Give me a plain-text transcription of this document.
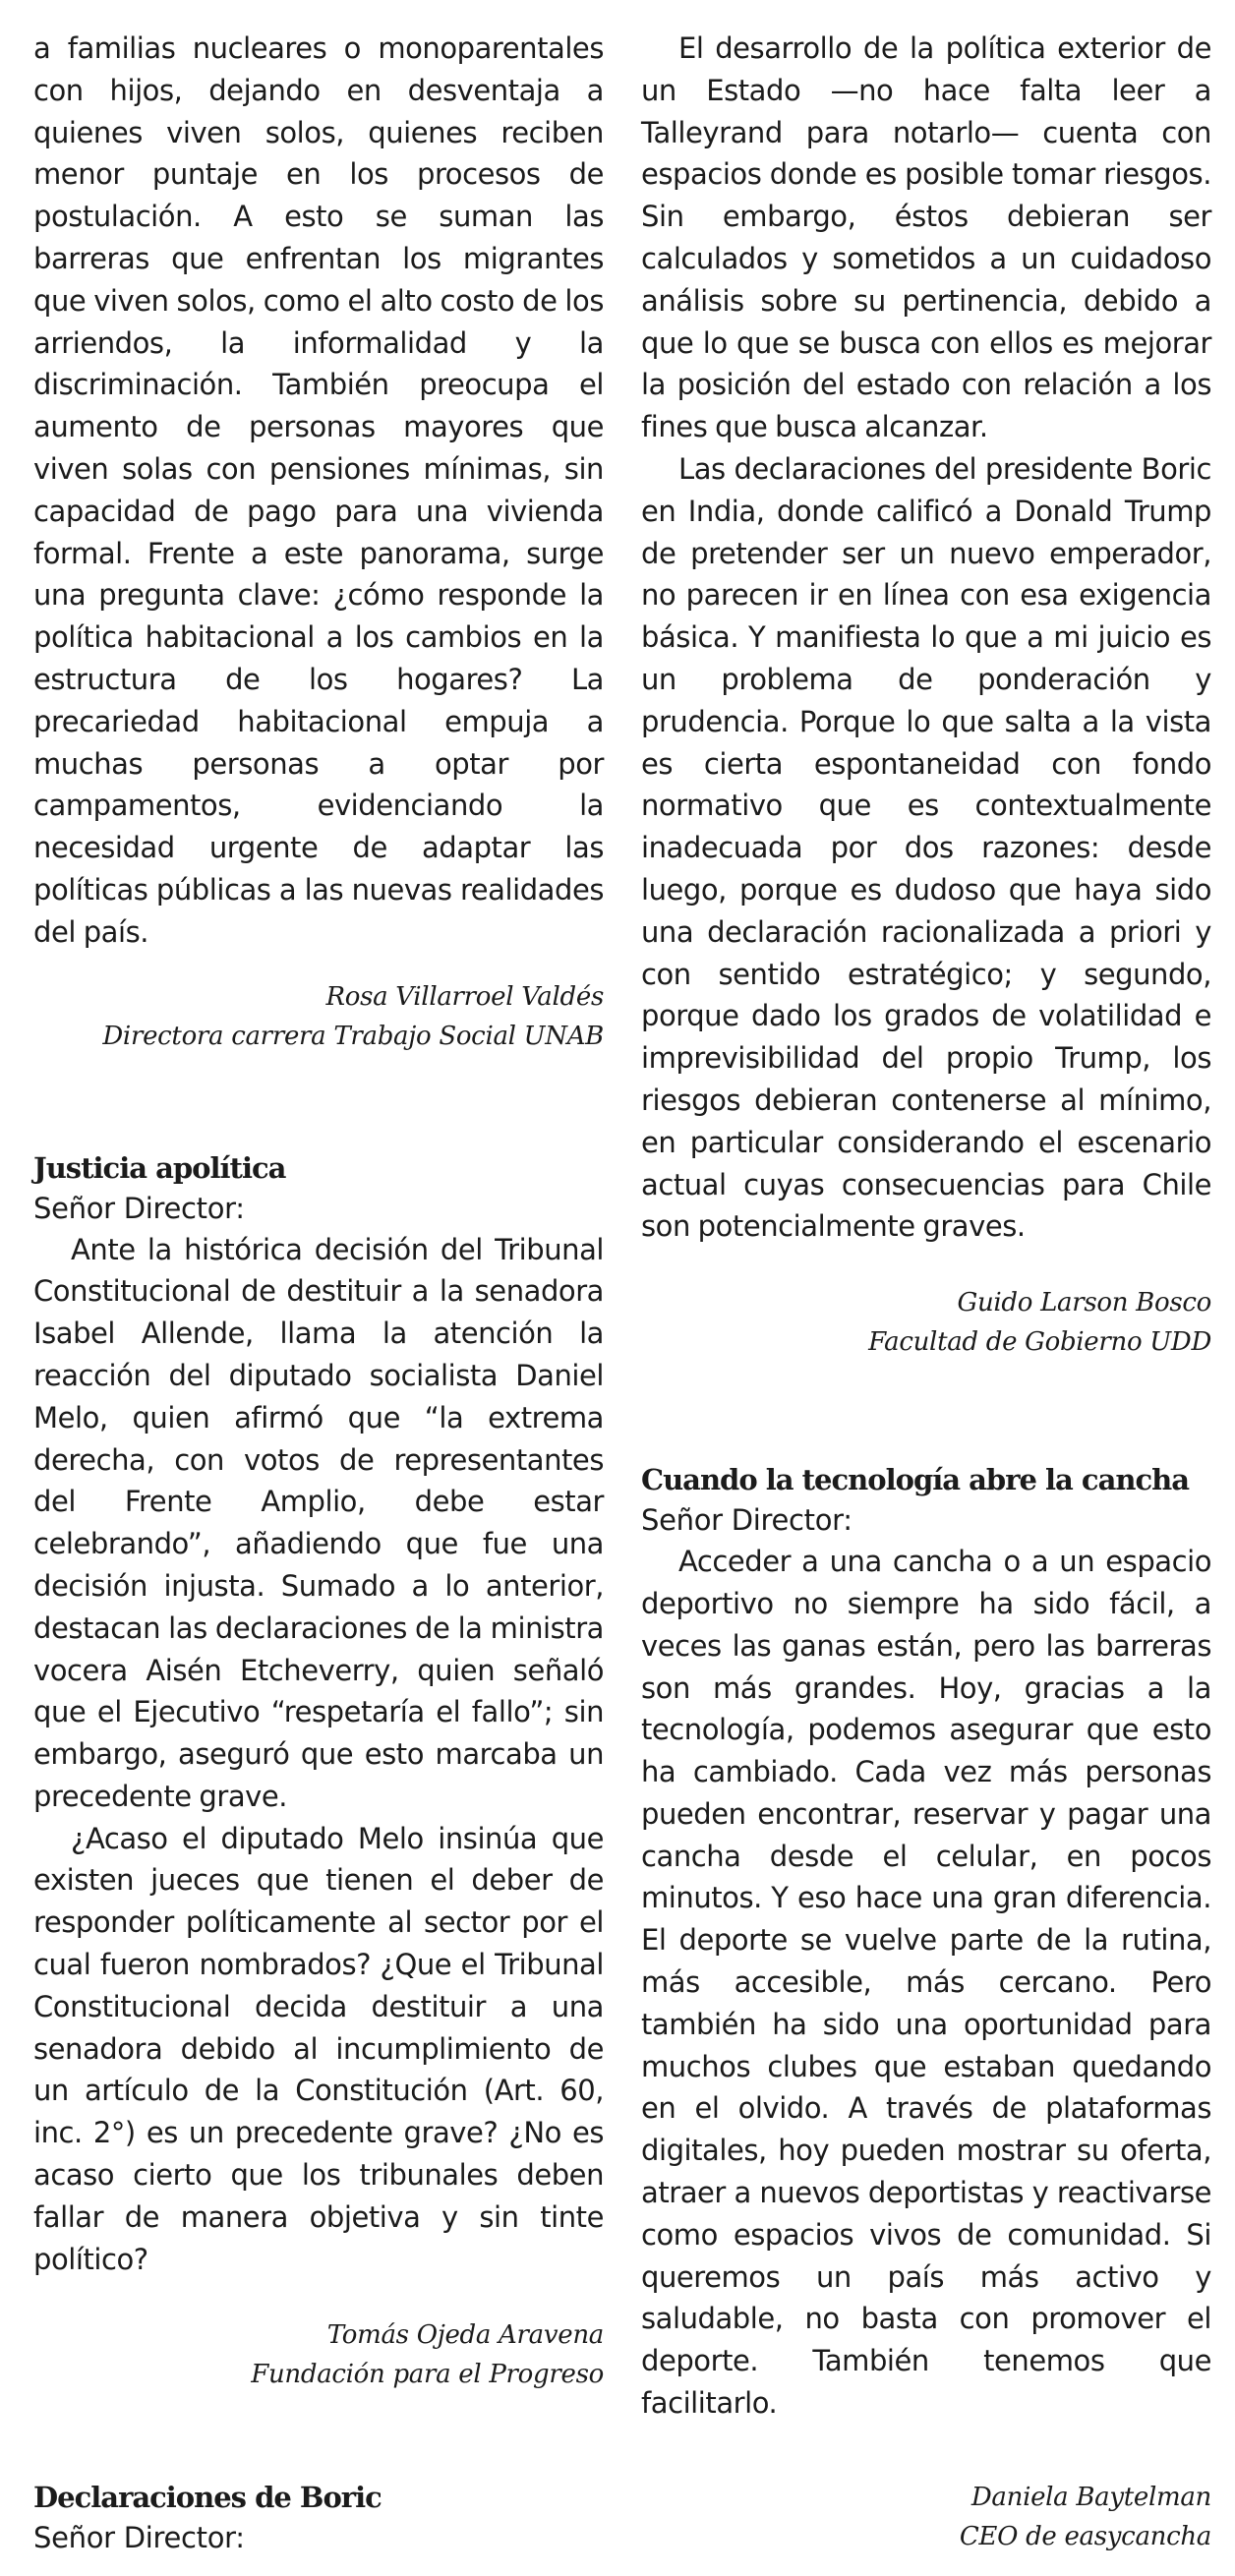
a familias nucleares o monoparentales con hijos, dejando en desventaja a quienes viven solos, quienes reciben menor puntaje en los procesos de postulación. A esto se suman las barreras que enfrentan los migrantes que viven solos, como el alto costo de los arriendos, la informalidad y la discriminación. También preocupa el aumento de personas mayores que viven solas con pensiones mínimas, sin capacidad de pago para una vivienda formal. Frente a este panorama, surge una pregunta clave: ¿cómo responde la política habitacional a los cambios en la estructura de los hogares? La precariedad habitacional empuja a muchas personas a optar por campamentos, evidenciando la necesidad urgente de adaptar las políticas públicas a las nuevas realidades del país.

Rosa Villarroel Valdés

Directora carrera Trabajo Social UNAB

Justicia apolítica

Señor Director:

Ante la histórica decisión del Tribunal Constitucional de destituir a la senadora Isabel Allende, llama la atención la reacción del diputado socialista Daniel Melo, quien afirmó que “la extrema derecha, con votos de representantes del Frente Amplio, debe estar celebrando”, añadiendo que fue una decisión injusta. Sumado a lo anterior, destacan las declaraciones de la ministra vocera Aisén Etcheverry, quien señaló que el Ejecutivo “respetaría el fallo”; sin embargo, aseguró que esto marcaba un precedente grave.

¿Acaso el diputado Melo insinúa que existen jueces que tienen el deber de responder políticamente al sector por el cual fueron nombrados? ¿Que el Tribunal Constitucional decida destituir a una senadora debido al incumplimiento de un artículo de la Constitución (Art. 60, inc. 2°) es un precedente grave? ¿No es acaso cierto que los tribunales deben fallar de manera objetiva y sin tinte político?

Tomás Ojeda Aravena

Fundación para el Progreso

Declaraciones de Boric

Señor Director:

El desarrollo de la política exterior de un Estado —no hace falta leer a Talleyrand para notarlo— cuenta con espacios donde es posible tomar riesgos. Sin embargo, éstos debieran ser calculados y sometidos a un cuidadoso análisis sobre su pertinencia, debido a que lo que se busca con ellos es mejorar la posición del estado con relación a los fines que busca alcanzar.

Las declaraciones del presidente Boric en India, donde calificó a Donald Trump de pretender ser un nuevo emperador, no parecen ir en línea con esa exigencia básica. Y manifiesta lo que a mi juicio es un problema de ponderación y prudencia. Porque lo que salta a la vista es cierta espontaneidad con fondo normativo que es contextualmente inadecuada por dos razones: desde luego, porque es dudoso que haya sido una declaración racionalizada a priori y con sentido estratégico; y segundo, porque dado los grados de volatilidad e imprevisibilidad del propio Trump, los riesgos debieran contenerse al mínimo, en particular considerando el escenario actual cuyas consecuencias para Chile son potencialmente graves.

Guido Larson Bosco

Facultad de Gobierno UDD

Cuando la tecnología abre la cancha

Señor Director:

Acceder a una cancha o a un espacio deportivo no siempre ha sido fácil, a veces las ganas están, pero las barreras son más grandes. Hoy, gracias a la tecnología, podemos asegurar que esto ha cambiado. Cada vez más personas pueden encontrar, reservar y pagar una cancha desde el celular, en pocos minutos. Y eso hace una gran diferencia. El deporte se vuelve parte de la rutina, más accesible, más cercano. Pero también ha sido una oportunidad para muchos clubes que estaban quedando en el olvido. A través de plataformas digitales, hoy pueden mostrar su oferta, atraer a nuevos deportistas y reactivarse como espacios vivos de comunidad. Si queremos un país más activo y saludable, no basta con promover el deporte. También tenemos que facilitarlo.

Daniela Baytelman

CEO de easycancha
